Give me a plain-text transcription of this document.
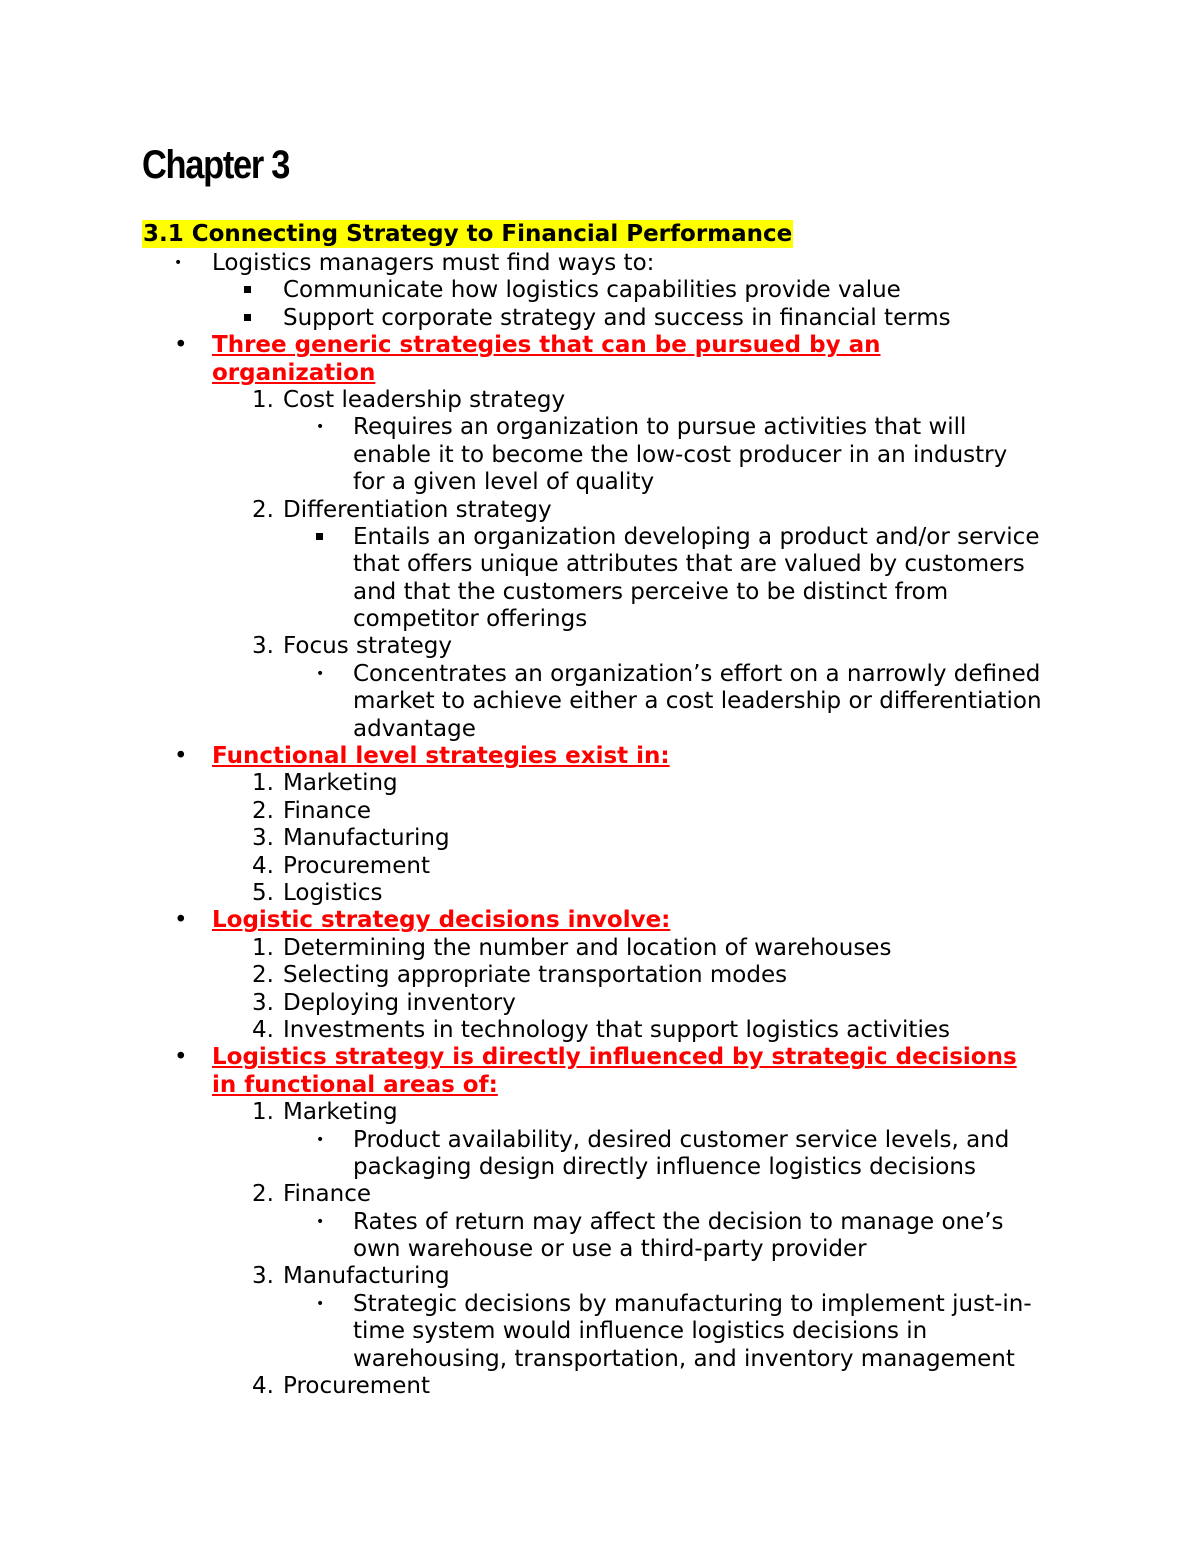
Chapter 3
3.1 Connecting Strategy to Financial Performance
• Logistics managers must find ways to:
Communicate how logistics capabilities provide value
Support corporate strategy and success in financial terms
• Three generic strategies that can be pursued by an
organization
1. Cost leadership strategy
• Requires an organization to pursue activities that will
enable it to become the low-cost producer in an industry
for a given level of quality
2. Differentiation strategy
Entails an organization developing a product and/or service
that offers unique attributes that are valued by customers
and that the customers perceive to be distinct from
competitor offerings
3. Focus strategy
• Concentrates an organization’s effort on a narrowly defined
market to achieve either a cost leadership or differentiation
advantage
• Functional level strategies exist in:
1. Marketing
2. Finance
3. Manufacturing
4. Procurement
5. Logistics
• Logistic strategy decisions involve:
1. Determining the number and location of warehouses
2. Selecting appropriate transportation modes
3. Deploying inventory
4. Investments in technology that support logistics activities
• Logistics strategy is directly influenced by strategic decisions
in functional areas of:
1. Marketing
• Product availability, desired customer service levels, and
packaging design directly influence logistics decisions
2. Finance
• Rates of return may affect the decision to manage one’s
own warehouse or use a third-party provider
3. Manufacturing
• Strategic decisions by manufacturing to implement just-in-
time system would influence logistics decisions in
warehousing, transportation, and inventory management
4. Procurement
